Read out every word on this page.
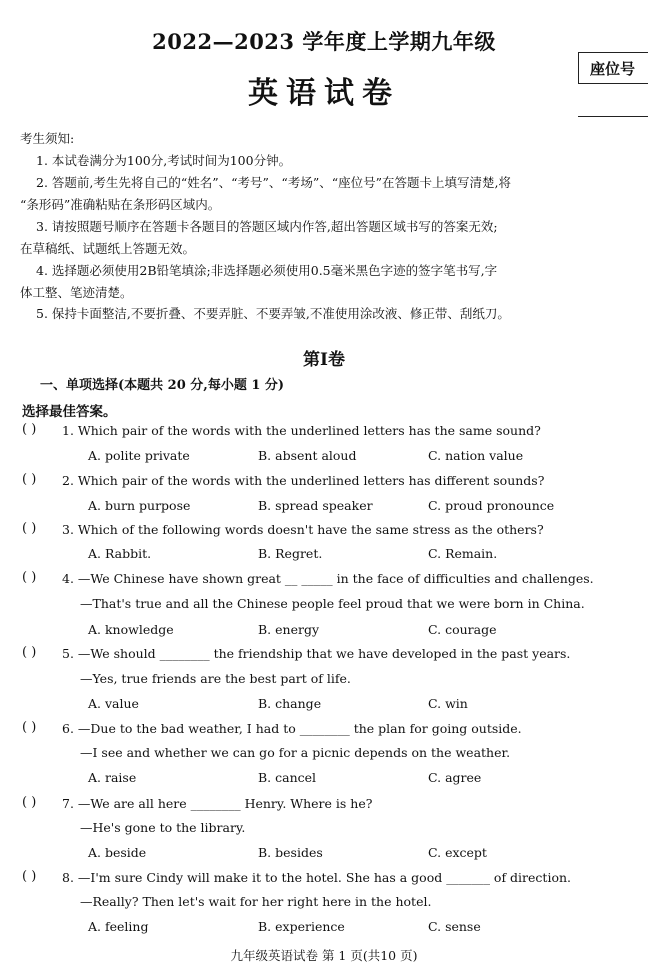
2022—2023 学年度上学期九年级
英语试卷
座位号
考生须知:
1. 本试卷满分为100分,考试时间为100分钟。
2. 答题前,考生先将自己的“姓名”、“考号”、“考场”、“座位号”在答题卡上填写清楚,将
“条形码”准确粘贴在条形码区域内。
3. 请按照题号顺序在答题卡各题目的答题区域内作答,超出答题区域书写的答案无效;
在草稿纸、试题纸上答题无效。
4. 选择题必须使用2B铅笔填涂;非选择题必须使用0.5毫米黑色字迹的签字笔书写,字
体工整、笔迹清楚。
5. 保持卡面整洁,不要折叠、不要弄脏、不要弄皱,不准使用涂改液、修正带、刮纸刀。
第Ⅰ卷
一、单项选择(本题共 20 分,每小题 1 分)
选择最佳答案。
( ) 1. Which pair of the words with the underlined letters has the same sound?
A. polite private	B. absent aloud	C. nation value
( ) 2. Which pair of the words with the underlined letters has different sounds?
A. burn purpose	B. spread speaker	C. proud pronounce
( ) 3. Which of the following words doesn't have the same stress as the others?
A. Rabbit.	B. Regret.	C. Remain.
( ) 4. —We Chinese have shown great __ _____ in the face of difficulties and challenges.
—That's true and all the Chinese people feel proud that we were born in China.
A. knowledge	B. energy	C. courage
( ) 5. —We should ________ the friendship that we have developed in the past years.
—Yes, true friends are the best part of life.
A. value	B. change	C. win
( ) 6. —Due to the bad weather, I had to ________ the plan for going outside.
—I see and whether we can go for a picnic depends on the weather.
A. raise	B. cancel	C. agree
( ) 7. —We are all here ________ Henry. Where is he?
—He's gone to the library.
A. beside	B. besides	C. except
( ) 8. —I'm sure Cindy will make it to the hotel. She has a good _______ of direction.
—Really? Then let's wait for her right here in the hotel.
A. feeling	B. experience	C. sense
九年级英语试卷 第 1 页(共10 页)
